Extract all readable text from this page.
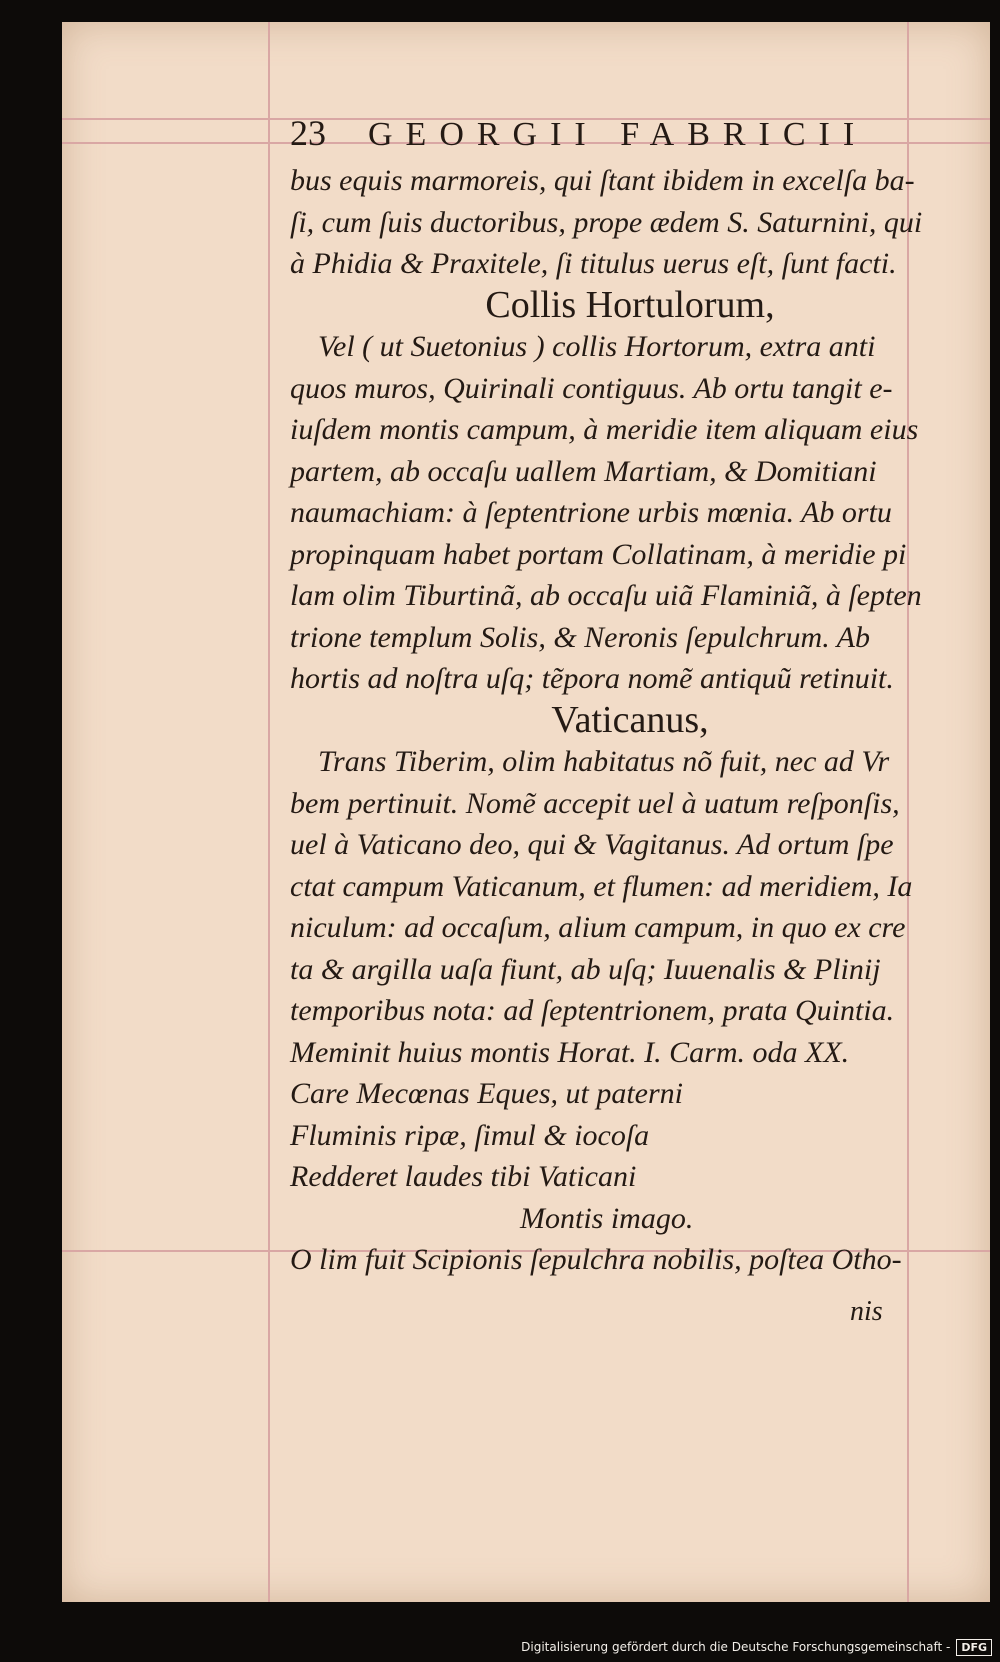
23 GEORGII FABRICII
bus equis marmoreis, qui ſtant ibidem in excelſa ba-
ſi, cum ſuis ductoribus, prope ædem S. Saturnini, qui
à Phidia & Praxitele, ſi titulus uerus eſt, ſunt facti.
Collis Hortulorum,
Vel ( ut Suetonius ) collis Hortorum, extra anti
quos muros, Quirinali contiguus. Ab ortu tangit e-
iuſdem montis campum, à meridie item aliquam eius
partem, ab occaſu uallem Martiam, & Domitiani
naumachiam: à ſeptentrione urbis mœnia. Ab ortu
propinquam habet portam Collatinam, à meridie pi
lam olim Tiburtinã, ab occaſu uiã Flaminiã, à ſepten
trione templum Solis, & Neronis ſepulchrum. Ab
hortis ad noſtra uſq; tẽpora nomẽ antiquũ retinuit.
Vaticanus,
Trans Tiberim, olim habitatus nõ fuit, nec ad Vr
bem pertinuit. Nomẽ accepit uel à uatum reſponſis,
uel à Vaticano deo, qui & Vagitanus. Ad ortum ſpe
ctat campum Vaticanum, et flumen: ad meridiem, Ia
niculum: ad occaſum, alium campum, in quo ex cre
ta & argilla uaſa fiunt, ab uſq; Iuuenalis & Plinij
temporibus nota: ad ſeptentrionem, prata Quintia.
Meminit huius montis Horat. I. Carm. oda XX.
Care Mecœnas Eques, ut paterni
Fluminis ripæ, ſimul & iocoſa
Redderet laudes tibi Vaticani
Montis imago.
O lim fuit Scipionis ſepulchra nobilis, poſtea Otho-
nis
Digitalisierung gefördert durch die Deutsche Forschungsgemeinschaft -	DFG
